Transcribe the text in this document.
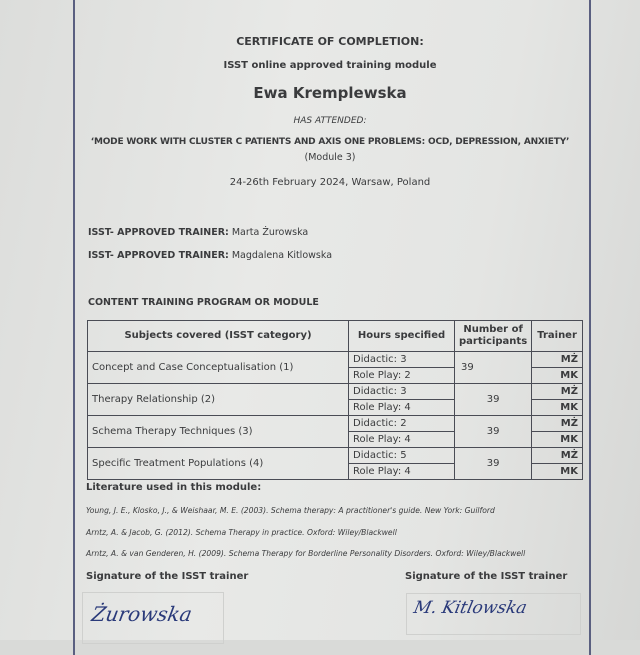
CERTIFICATE OF COMPLETION:
ISST online approved training module
Ewa Kremplewska
HAS ATTENDED:
‘MODE WORK WITH CLUSTER C PATIENTS AND AXIS ONE PROBLEMS: OCD, DEPRESSION, ANXIETY’
(Module 3)
24-26th February 2024, Warsaw, Poland
ISST- APPROVED TRAINER: Marta Żurowska
ISST- APPROVED TRAINER: Magdalena Kitlowska
CONTENT TRAINING PROGRAM OR MODULE
Subjects covered (ISST category)	Hours specified	Number of participants	Trainer
Concept and Case Conceptualisation (1)	Didactic: 3	39	MŻ
	Role Play: 2		MK
Therapy Relationship (2)	Didactic: 3	39	MŻ
	Role Play: 4		MK
Schema Therapy Techniques (3)	Didactic: 2	39	MŻ
	Role Play: 4		MK
Specific Treatment Populations (4)	Didactic: 5	39	MŻ
	Role Play: 4		MK
Literature used in this module:
Young, J. E., Klosko, J., & Weishaar, M. E. (2003). Schema therapy: A practitioner's guide. New York: Guilford
Arntz, A. & Jacob, G. (2012). Schema Therapy in practice. Oxford: Wiley/Blackwell
Arntz, A. & van Genderen, H. (2009). Schema Therapy for Borderline Personality Disorders. Oxford: Wiley/Blackwell
Signature of the ISST trainer	Signature of the ISST trainer
Żurowska	M. Kitlowska
